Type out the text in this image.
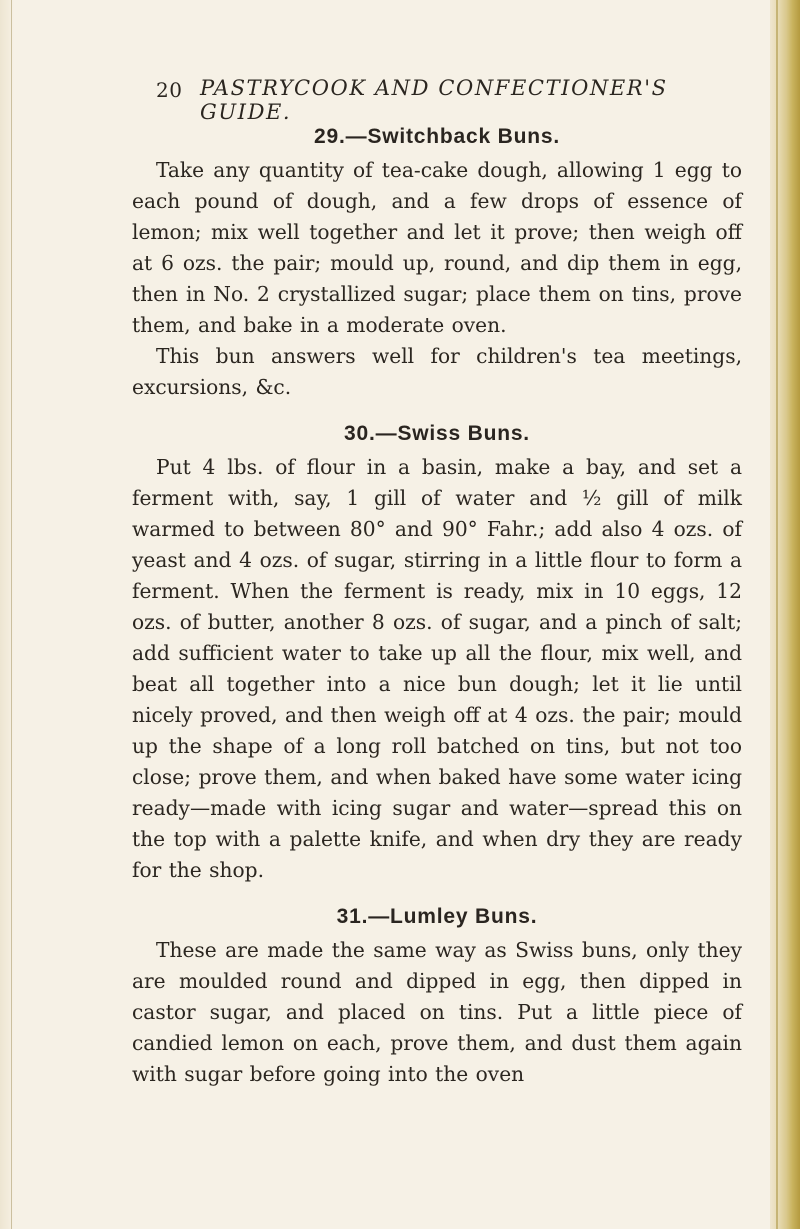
20 PASTRYCOOK AND CONFECTIONER'S GUIDE.
29.—Switchback Buns.

Take any quantity of tea-cake dough, allowing 1 egg to each pound of dough, and a few drops of essence of lemon; mix well together and let it prove; then weigh off at 6 ozs. the pair; mould up, round, and dip them in egg, then in No. 2 crystallized sugar; place them on tins, prove them, and bake in a moderate oven.

This bun answers well for children's tea meetings, excursions, &c.

30.—Swiss Buns.

Put 4 lbs. of flour in a basin, make a bay, and set a ferment with, say, 1 gill of water and ½ gill of milk warmed to between 80° and 90° Fahr.; add also 4 ozs. of yeast and 4 ozs. of sugar, stirring in a little flour to form a ferment. When the ferment is ready, mix in 10 eggs, 12 ozs. of butter, another 8 ozs. of sugar, and a pinch of salt; add sufficient water to take up all the flour, mix well, and beat all together into a nice bun dough; let it lie until nicely proved, and then weigh off at 4 ozs. the pair; mould up the shape of a long roll batched on tins, but not too close; prove them, and when baked have some water icing ready—made with icing sugar and water—spread this on the top with a palette knife, and when dry they are ready for the shop.

31.—Lumley Buns.

These are made the same way as Swiss buns, only they are moulded round and dipped in egg, then dipped in castor sugar, and placed on tins. Put a little piece of candied lemon on each, prove them, and dust them again with sugar before going into the oven
